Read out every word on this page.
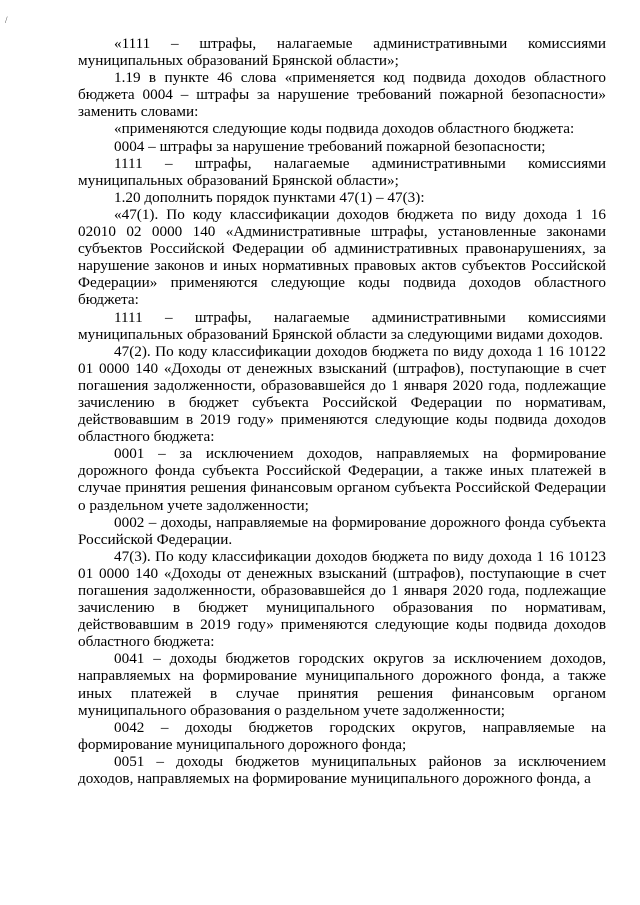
/

«1111 – штрафы, налагаемые административными комиссиями муниципальных образований Брянской области»;

1.19 в пункте 46 слова «применяется код подвида доходов областного бюджета 0004 – штрафы за нарушение требований пожарной безопасности» заменить словами:

«применяются следующие коды подвида доходов областного бюджета:

0004 – штрафы за нарушение требований пожарной безопасности;

1111 – штрафы, налагаемые административными комиссиями муниципальных образований Брянской области»;

1.20 дополнить порядок пунктами 47(1) – 47(3):

«47(1). По коду классификации доходов бюджета по виду дохода 1 16 02010 02 0000 140 «Административные штрафы, установленные законами субъектов Российской Федерации об административных правонарушениях, за нарушение законов и иных нормативных правовых актов субъектов Российской Федерации» применяются следующие коды подвида доходов областного бюджета:

1111 – штрафы, налагаемые административными комиссиями муниципальных образований Брянской области за следующими видами доходов.

47(2). По коду классификации доходов бюджета по виду дохода 1 16 10122 01 0000 140 «Доходы от денежных взысканий (штрафов), поступающие в счет погашения задолженности, образовавшейся до 1 января 2020 года, подлежащие зачислению в бюджет субъекта Российской Федерации по нормативам, действовавшим в 2019 году» применяются следующие коды подвида доходов областного бюджета:

0001 – за исключением доходов, направляемых на формирование дорожного фонда субъекта Российской Федерации, а также иных платежей в случае принятия решения финансовым органом субъекта Российской Федерации о раздельном учете задолженности;

0002 – доходы, направляемые на формирование дорожного фонда субъекта Российской Федерации.

47(3). По коду классификации доходов бюджета по виду дохода 1 16 10123 01 0000 140 «Доходы от денежных взысканий (штрафов), поступающие в счет погашения задолженности, образовавшейся до 1 января 2020 года, подлежащие зачислению в бюджет муниципального образования по нормативам, действовавшим в 2019 году» применяются следующие коды подвида доходов областного бюджета:

0041 – доходы бюджетов городских округов за исключением доходов, направляемых на формирование муниципального дорожного фонда, а также иных платежей в случае принятия решения финансовым органом муниципального образования о раздельном учете задолженности;

0042 – доходы бюджетов городских округов, направляемые на формирование муниципального дорожного фонда;

0051 – доходы бюджетов муниципальных районов за исключением доходов, направляемых на формирование муниципального дорожного фонда, а
